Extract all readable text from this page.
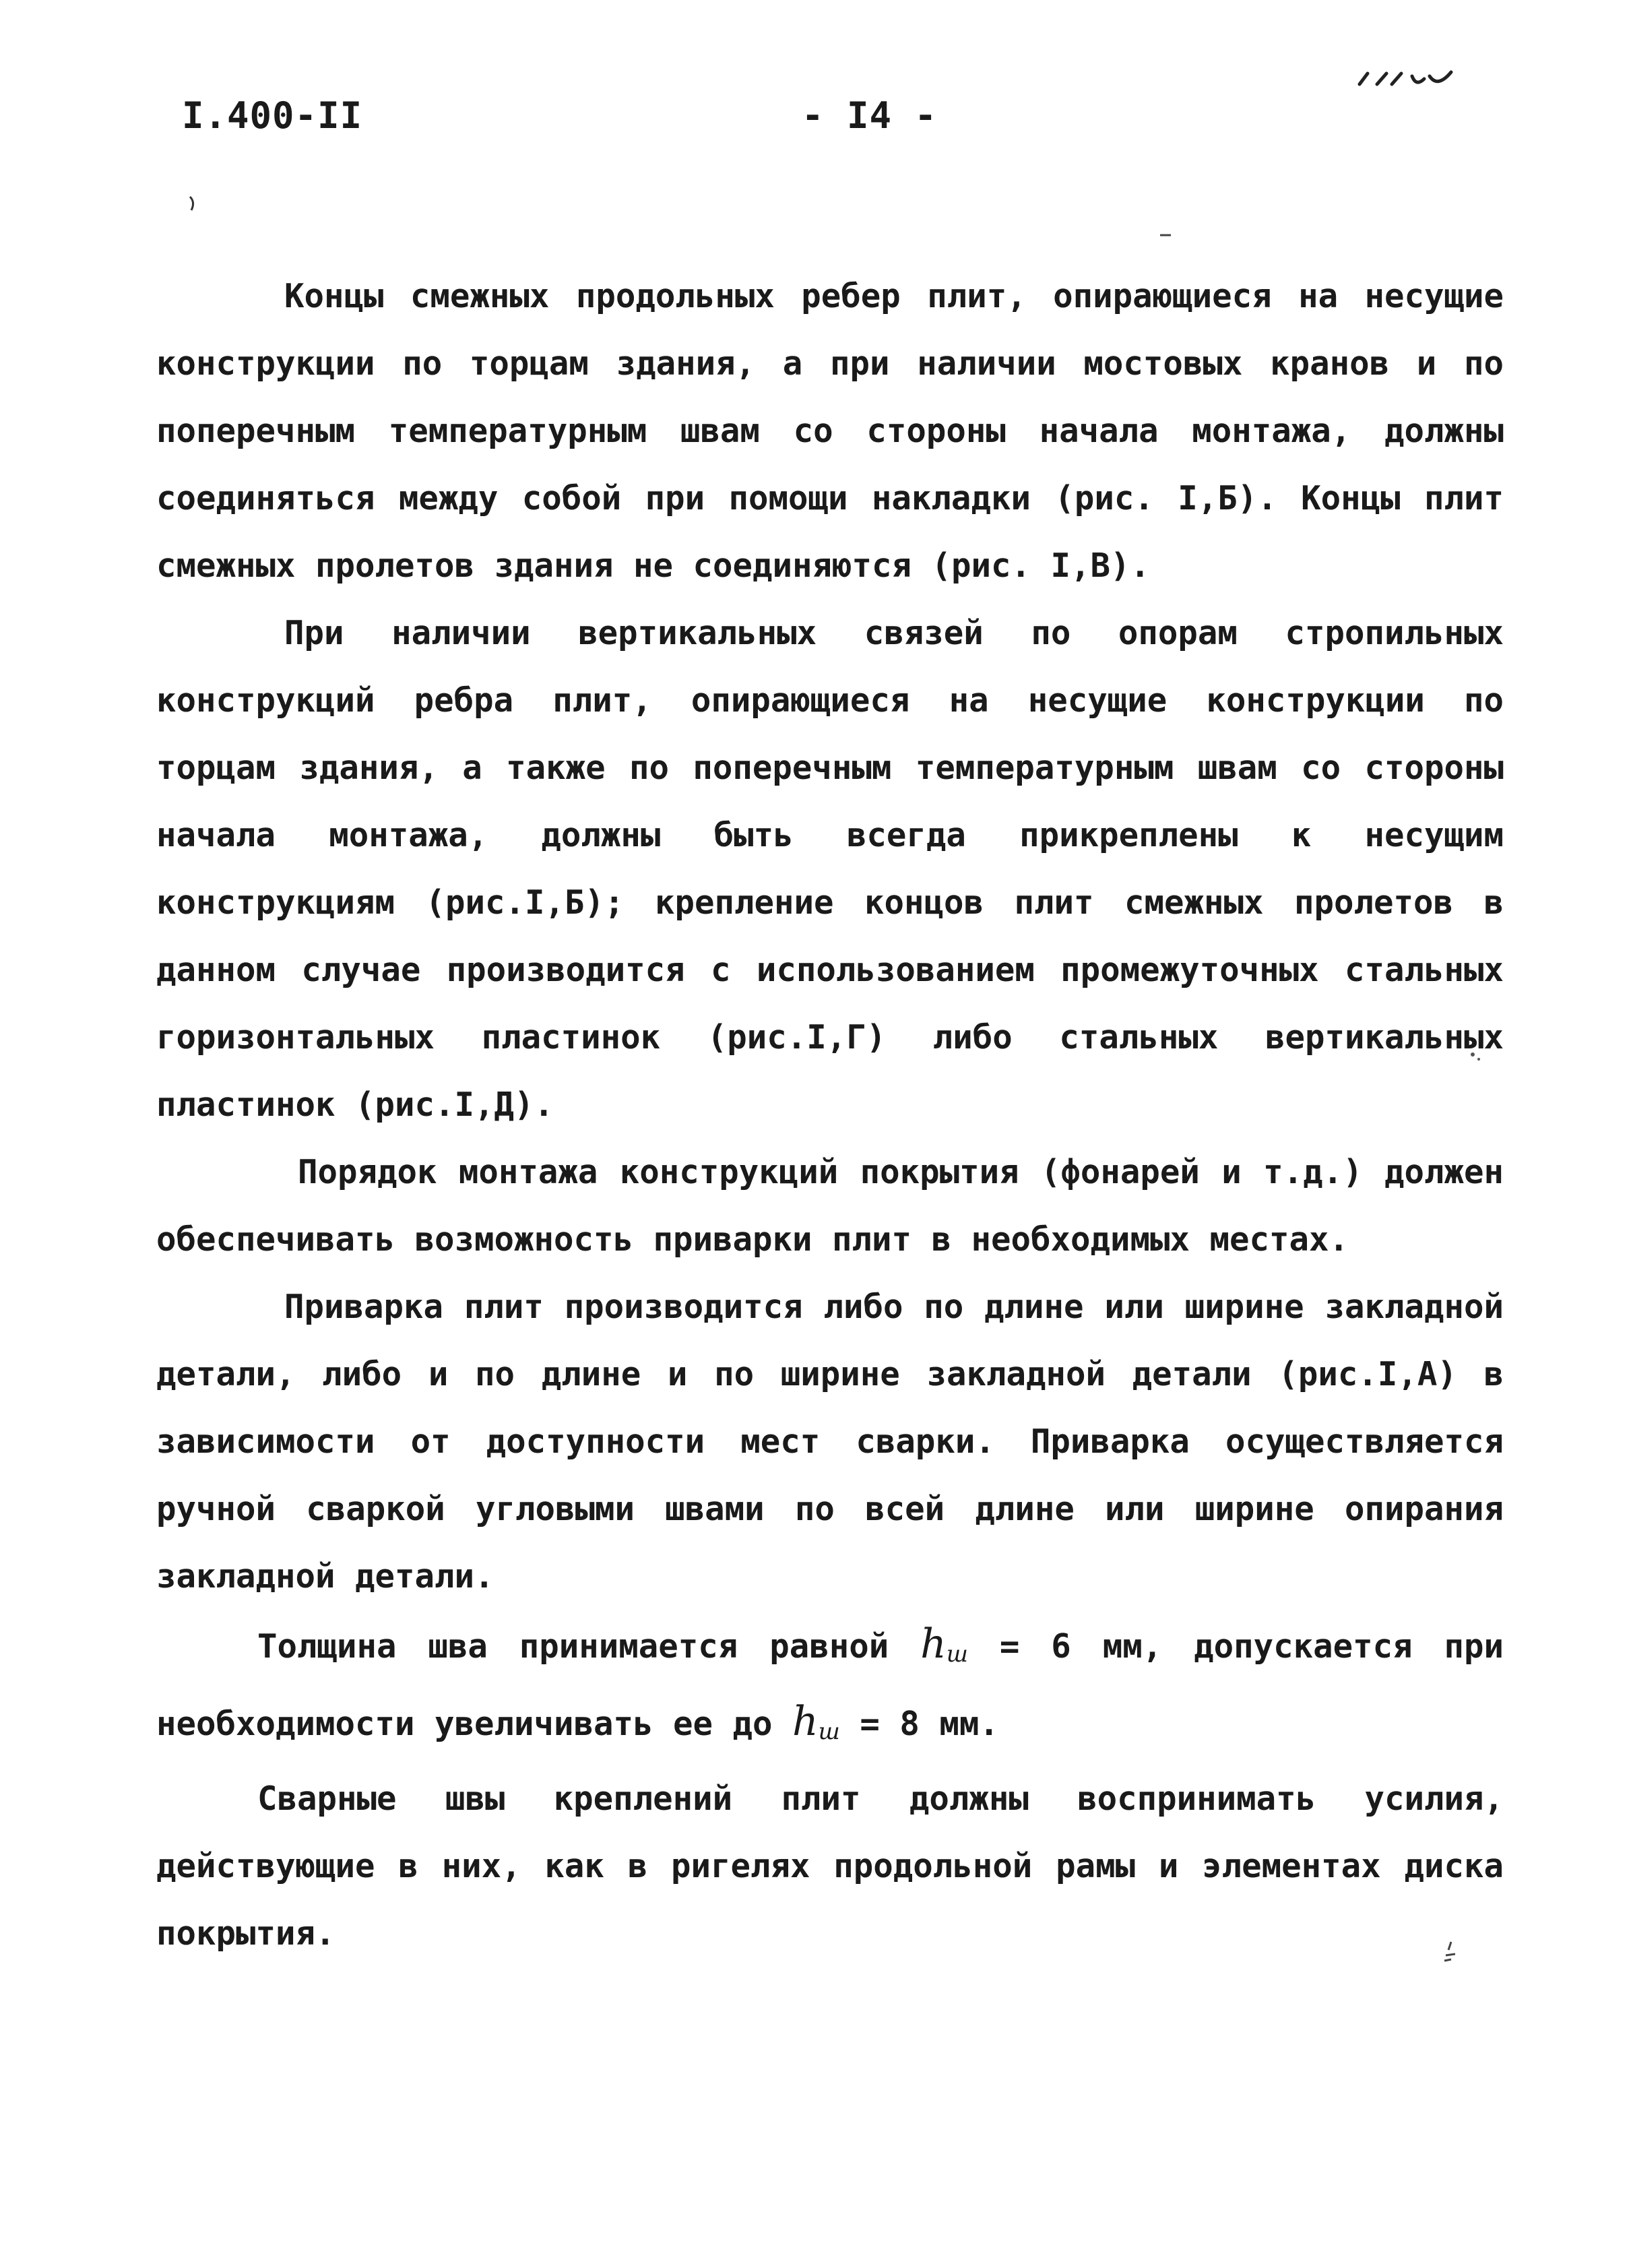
I.400-II	- I4 -

Концы смежных продольных ребер плит, опирающиеся на несущие конструкции по торцам здания, а при наличии мостовых кранов и по поперечным температурным швам со стороны начала монтажа, должны соединяться между собой при помощи накладки (рис. I,Б). Концы плит смежных пролетов здания не соединяются (рис. I,В).

При наличии вертикальных связей по опорам стропильных конструкций ребра плит, опирающиеся на несущие конструкции по торцам здания, а также по поперечным температурным швам со стороны начала монтажа, должны быть всегда прикреплены к несущим конструкциям (рис.I,Б); крепление концов плит смежных пролетов в данном случае производится с использованием промежуточных стальных горизонтальных пластинок (рис.I,Г) либо стальных вертикальных пластинок (рис.I,Д).

Порядок монтажа конструкций покрытия (фонарей и т.д.) должен обеспечивать возможность приварки плит в необходимых местах.

Приварка плит производится либо по длине или ширине закладной детали, либо и по длине и по ширине закладной детали (рис.I,А) в зависимости от доступности мест сварки. Приварка осуществляется ручной сваркой угловыми швами по всей длине или ширине опирания закладной детали.

Толщина шва принимается равной $h_ш = 6$ мм, допускается при необходимости увеличивать ее до $h_ш = 8$ мм.

Сварные швы креплений плит должны воспринимать усилия, действующие в них, как в ригелях продольной рамы и элементах диска покрытия.
